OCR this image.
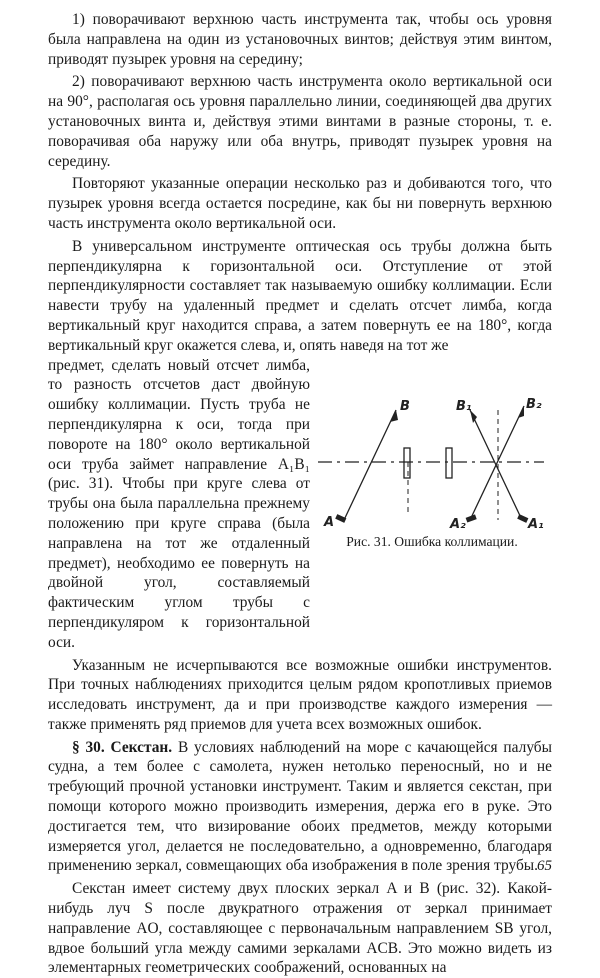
1) поворачивают верхнюю часть инструмента так, чтобы ось уровня была направлена на один из установочных винтов; действуя этим винтом, приводят пузырек уровня на середину;

2) поворачивают верхнюю часть инструмента около вертикальной оси на 90°, располагая ось уровня параллельно линии, соединяющей два других установочных винта и, действуя этими винтами в разные стороны, т. е. поворачивая оба наружу или оба внутрь, приводят пузырек уровня на середину.

Повторяют указанные операции несколько раз и добиваются того, что пузырек уровня всегда остается посредине, как бы ни повернуть верхнюю часть инструмента около вертикальной оси.

В универсальном инструменте оптическая ось трубы должна быть перпендикулярна к горизонтальной оси. Отступление от этой перпендикулярности составляет так называемую ошибку коллимации. Если навести трубу на удаленный предмет и сделать отсчет лимба, когда вертикальный круг находится справа, а затем повернуть ее на 180°, когда вертикальный круг окажется слева, и, опять наведя на тот же

предмет, сделать новый отсчет лимба, то разность отсчетов даст двойную ошибку коллимации. Пусть труба не перпендикулярна к оси, тогда при повороте на 180° около вертикальной оси труба займет направление A₁B₁ (рис. 31). Чтобы при круге слева от трубы она была параллельна прежнему положению при круге справа (была направлена на тот же отдаленный предмет), необходимо ее повернуть на двойной угол, составляемый фактическим углом трубы с перпендикуляром к горизонтальной оси.
B
A
B₁	B₂
A₂	A₁
Рис. 31. Ошибка коллимации.

Указанным не исчерпываются все возможные ошибки инструментов. При точных наблюдениях приходится целым рядом кропотливых приемов исследовать инструмент, да и при производстве каждого измерения — также применять ряд приемов для учета всех возможных ошибок.

§ 30. Секстан. В условиях наблюдений на море с качающейся палубы судна, а тем более с самолета, нужен нетолько переносный, но и не требующий прочной установки инструмент. Таким и является секстан, при помощи которого можно производить измерения, держа его в руке. Это достигается тем, что визирование обоих предметов, между которыми измеряется угол, делается не последовательно, а одновременно, благодаря применению зеркал, совмещающих оба изображения в поле зрения трубы.

Секстан имеет систему двух плоских зеркал A и B (рис. 32). Какой-нибудь луч S после двукратного отражения от зеркал принимает направление AO, составляющее с первоначальным направлением SB угол, вдвое больший угла между самими зеркалами ACB. Это можно видеть из элементарных геометрических соображений, основанных на

65
